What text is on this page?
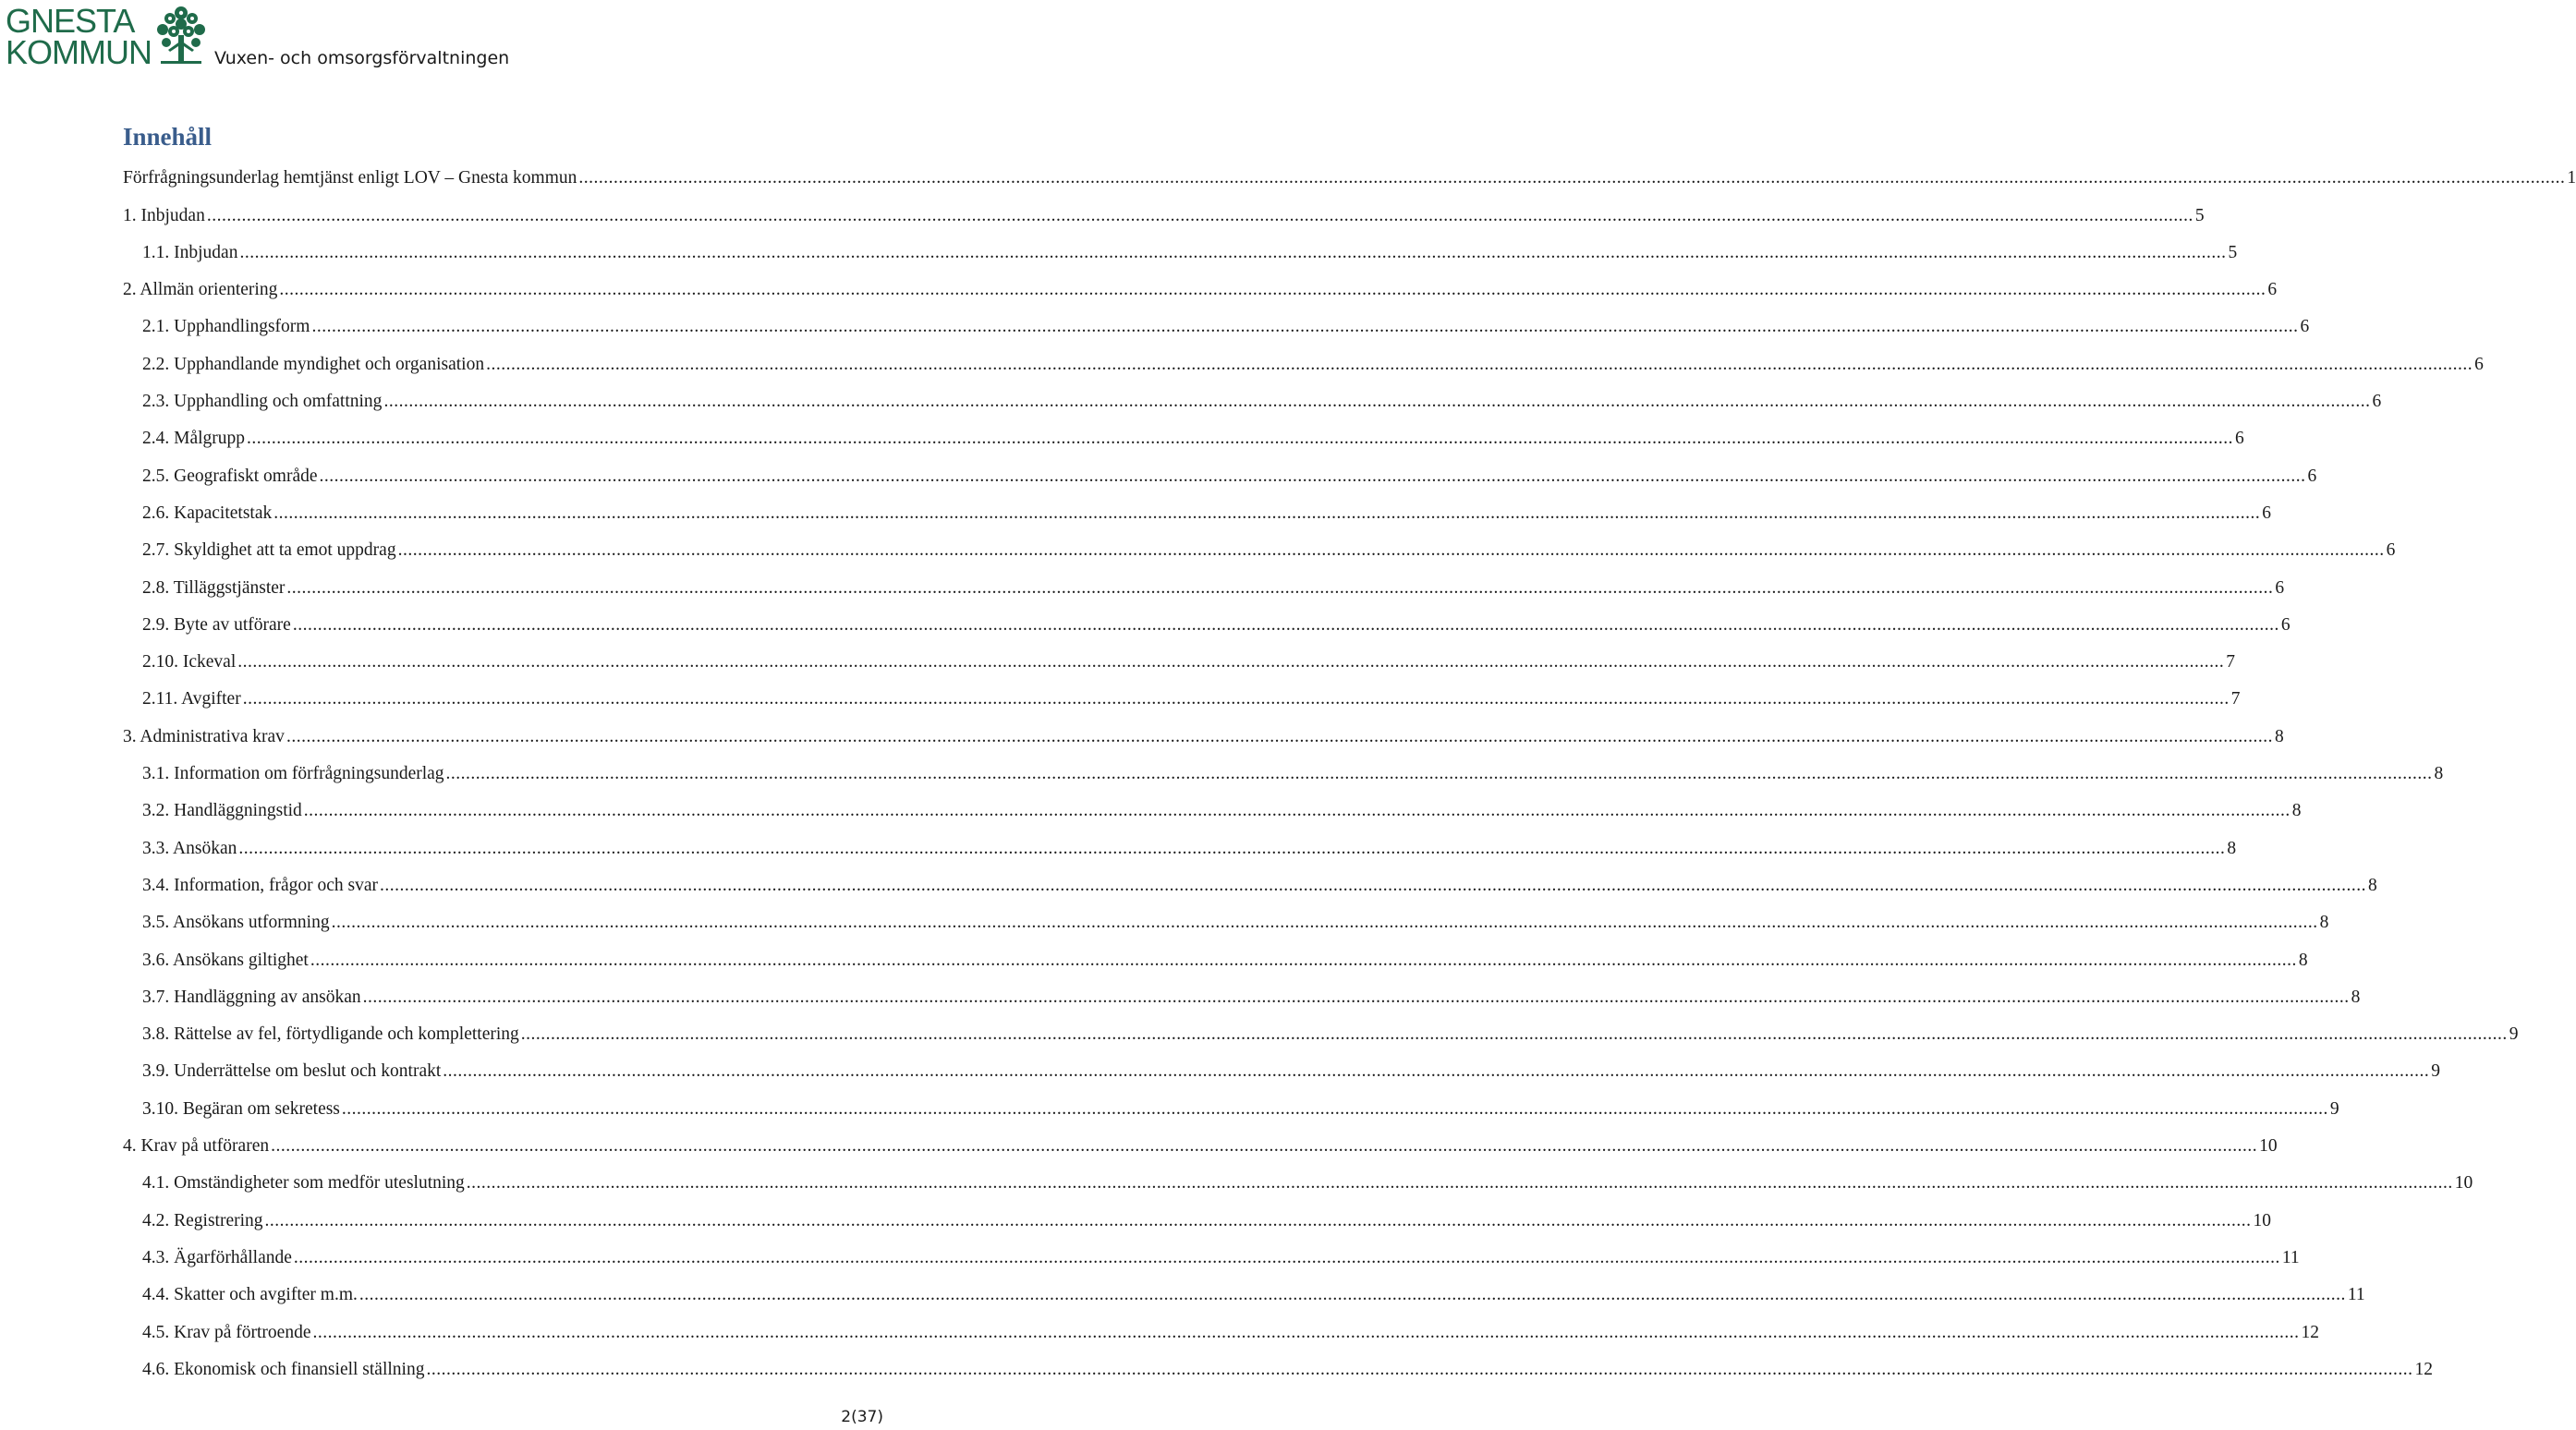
GNESTA
KOMMUN	Vuxen- och omsorgsförvaltningen
Innehåll
Förfrågningsunderlag hemtjänst enligt LOV – Gnesta kommun ................................................................................................................................................................................................................................................................................................................................................................................................................ 1
1. Inbjudan ................................................................................................................................................................................................................................................................................................................................................................................................................ 5
1.1. Inbjudan ................................................................................................................................................................................................................................................................................................................................................................................................................ 5
2. Allmän orientering ................................................................................................................................................................................................................................................................................................................................................................................................................ 6
2.1. Upphandlingsform ................................................................................................................................................................................................................................................................................................................................................................................................................ 6
2.2. Upphandlande myndighet och organisation ................................................................................................................................................................................................................................................................................................................................................................................................................ 6
2.3. Upphandling och omfattning ................................................................................................................................................................................................................................................................................................................................................................................................................ 6
2.4. Målgrupp ................................................................................................................................................................................................................................................................................................................................................................................................................ 6
2.5. Geografiskt område ................................................................................................................................................................................................................................................................................................................................................................................................................ 6
2.6. Kapacitetstak ................................................................................................................................................................................................................................................................................................................................................................................................................ 6
2.7. Skyldighet att ta emot uppdrag ................................................................................................................................................................................................................................................................................................................................................................................................................ 6
2.8. Tilläggstjänster ................................................................................................................................................................................................................................................................................................................................................................................................................ 6
2.9. Byte av utförare ................................................................................................................................................................................................................................................................................................................................................................................................................ 6
2.10. Ickeval ................................................................................................................................................................................................................................................................................................................................................................................................................ 7
2.11. Avgifter ................................................................................................................................................................................................................................................................................................................................................................................................................ 7
3. Administrativa krav ................................................................................................................................................................................................................................................................................................................................................................................................................ 8
3.1. Information om förfrågningsunderlag ................................................................................................................................................................................................................................................................................................................................................................................................................ 8
3.2. Handläggningstid ................................................................................................................................................................................................................................................................................................................................................................................................................ 8
3.3. Ansökan ................................................................................................................................................................................................................................................................................................................................................................................................................ 8
3.4. Information, frågor och svar ................................................................................................................................................................................................................................................................................................................................................................................................................ 8
3.5. Ansökans utformning ................................................................................................................................................................................................................................................................................................................................................................................................................ 8
3.6. Ansökans giltighet ................................................................................................................................................................................................................................................................................................................................................................................................................ 8
3.7. Handläggning av ansökan ................................................................................................................................................................................................................................................................................................................................................................................................................ 8
3.8. Rättelse av fel, förtydligande och komplettering ................................................................................................................................................................................................................................................................................................................................................................................................................ 9
3.9. Underrättelse om beslut och kontrakt ................................................................................................................................................................................................................................................................................................................................................................................................................ 9
3.10. Begäran om sekretess ................................................................................................................................................................................................................................................................................................................................................................................................................ 9
4. Krav på utföraren ................................................................................................................................................................................................................................................................................................................................................................................................................ 10
4.1. Omständigheter som medför uteslutning ................................................................................................................................................................................................................................................................................................................................................................................................................ 10
4.2. Registrering ................................................................................................................................................................................................................................................................................................................................................................................................................ 10
4.3. Ägarförhållande ................................................................................................................................................................................................................................................................................................................................................................................................................ 11
4.4. Skatter och avgifter m.m. ................................................................................................................................................................................................................................................................................................................................................................................................................ 11
4.5. Krav på förtroende ................................................................................................................................................................................................................................................................................................................................................................................................................ 12
4.6. Ekonomisk och finansiell ställning ................................................................................................................................................................................................................................................................................................................................................................................................................ 12
2(37)
